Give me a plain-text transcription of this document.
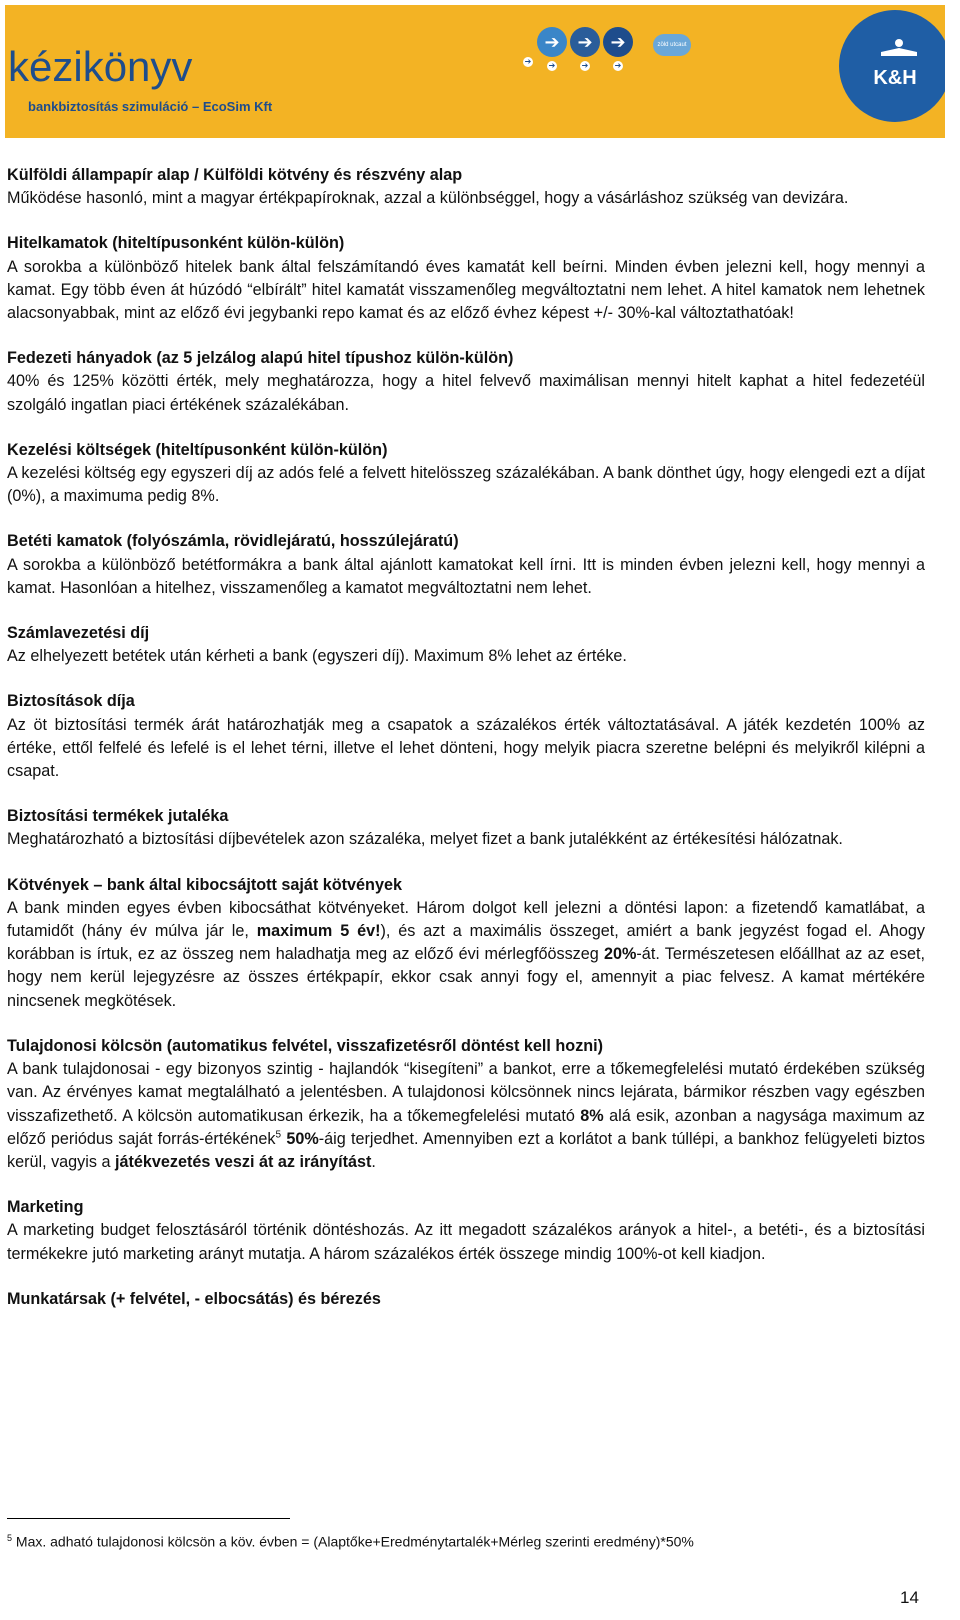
kézikönyv
bankbiztosítás szimuláció – EcoSim Kft
➔
➔
➔
➔
➔
➔
➔
zöld utcaut
K&H
Külföldi állampapír alap / Külföldi kötvény és részvény alap

Működése hasonló, mint a magyar értékpapíroknak, azzal a különbséggel, hogy a vásárláshoz szükség van devizára.

Hitelkamatok (hiteltípusonként külön-külön)

A sorokba a különböző hitelek bank által felszámítandó éves kamatát kell beírni. Minden évben jelezni kell, hogy mennyi a kamat. Egy több éven át húzódó “elbírált” hitel kamatát visszamenőleg megváltoztatni nem lehet. A hitel kamatok nem lehetnek alacsonyabbak, mint az előző évi jegybanki repo kamat és az előző évhez képest +/- 30%-kal változtathatóak!

Fedezeti hányadok (az 5 jelzálog alapú hitel típushoz külön-külön)

40% és 125% közötti érték, mely meghatározza, hogy a hitel felvevő maximálisan mennyi hitelt kaphat a hitel fedezetéül szolgáló ingatlan piaci értékének százalékában.

Kezelési költségek (hiteltípusonként külön-külön)

A kezelési költség egy egyszeri díj az adós felé a felvett hitelösszeg százalékában. A bank dönthet úgy, hogy elengedi ezt a díjat (0%), a maximuma pedig 8%.

Betéti kamatok (folyószámla, rövidlejáratú, hosszúlejáratú)

A sorokba a különböző betétformákra a bank által ajánlott kamatokat kell írni. Itt is minden évben jelezni kell, hogy mennyi a kamat. Hasonlóan a hitelhez, visszamenőleg a kamatot megváltoztatni nem lehet.

Számlavezetési díj

Az elhelyezett betétek után kérheti a bank (egyszeri díj). Maximum 8% lehet az értéke.

Biztosítások díja

Az öt biztosítási termék árát határozhatják meg a csapatok a százalékos érték változtatásával. A játék kezdetén 100% az értéke, ettől felfelé és lefelé is el lehet térni, illetve el lehet dönteni, hogy melyik piacra szeretne belépni és melyikről kilépni a csapat.

Biztosítási termékek jutaléka

Meghatározható a biztosítási díjbevételek azon százaléka, melyet fizet a bank jutalékként az értékesítési hálózatnak.

Kötvények – bank által kibocsájtott saját kötvények

A bank minden egyes évben kibocsáthat kötvényeket. Három dolgot kell jelezni a döntési lapon: a fizetendő kamatlábat, a futamidőt (hány év múlva jár le, maximum 5 év!), és azt a maximális összeget, amiért a bank jegyzést fogad el. Ahogy korábban is írtuk, ez az összeg nem haladhatja meg az előző évi mérlegfőösszeg 20%-át. Természetesen előállhat az az eset, hogy nem kerül lejegyzésre az összes értékpapír, ekkor csak annyi fogy el, amennyit a piac felvesz. A kamat mértékére nincsenek megkötések.

Tulajdonosi kölcsön (automatikus felvétel, visszafizetésről döntést kell hozni)

A bank tulajdonosai - egy bizonyos szintig - hajlandók “kisegíteni” a bankot, erre a tőkemegfelelési mutató érdekében szükség van. Az érvényes kamat megtalálható a jelentésben. A tulajdonosi kölcsönnek nincs lejárata, bármikor részben vagy egészben visszafizethető. A kölcsön automatikusan érkezik, ha a tőkemegfelelési mutató 8% alá esik, azonban a nagysága maximum az előző periódus saját forrás-értékének$^5$ 50%-áig terjedhet. Amennyiben ezt a korlátot a bank túllépi, a bankhoz felügyeleti biztos kerül, vagyis a játékvezetés veszi át az irányítást.

Marketing

A marketing budget felosztásáról történik döntéshozás. Az itt megadott százalékos arányok a hitel-, a betéti-, és a biztosítási termékekre jutó marketing arányt mutatja. A három százalékos érték összege mindig 100%-ot kell kiadjon.

Munkatársak (+ felvétel, - elbocsátás) és bérezés
$^5$ Max. adható tulajdonosi kölcsön a köv. évben = (Alaptőke+Eredménytartalék+Mérleg szerinti eredmény)*50%
14
